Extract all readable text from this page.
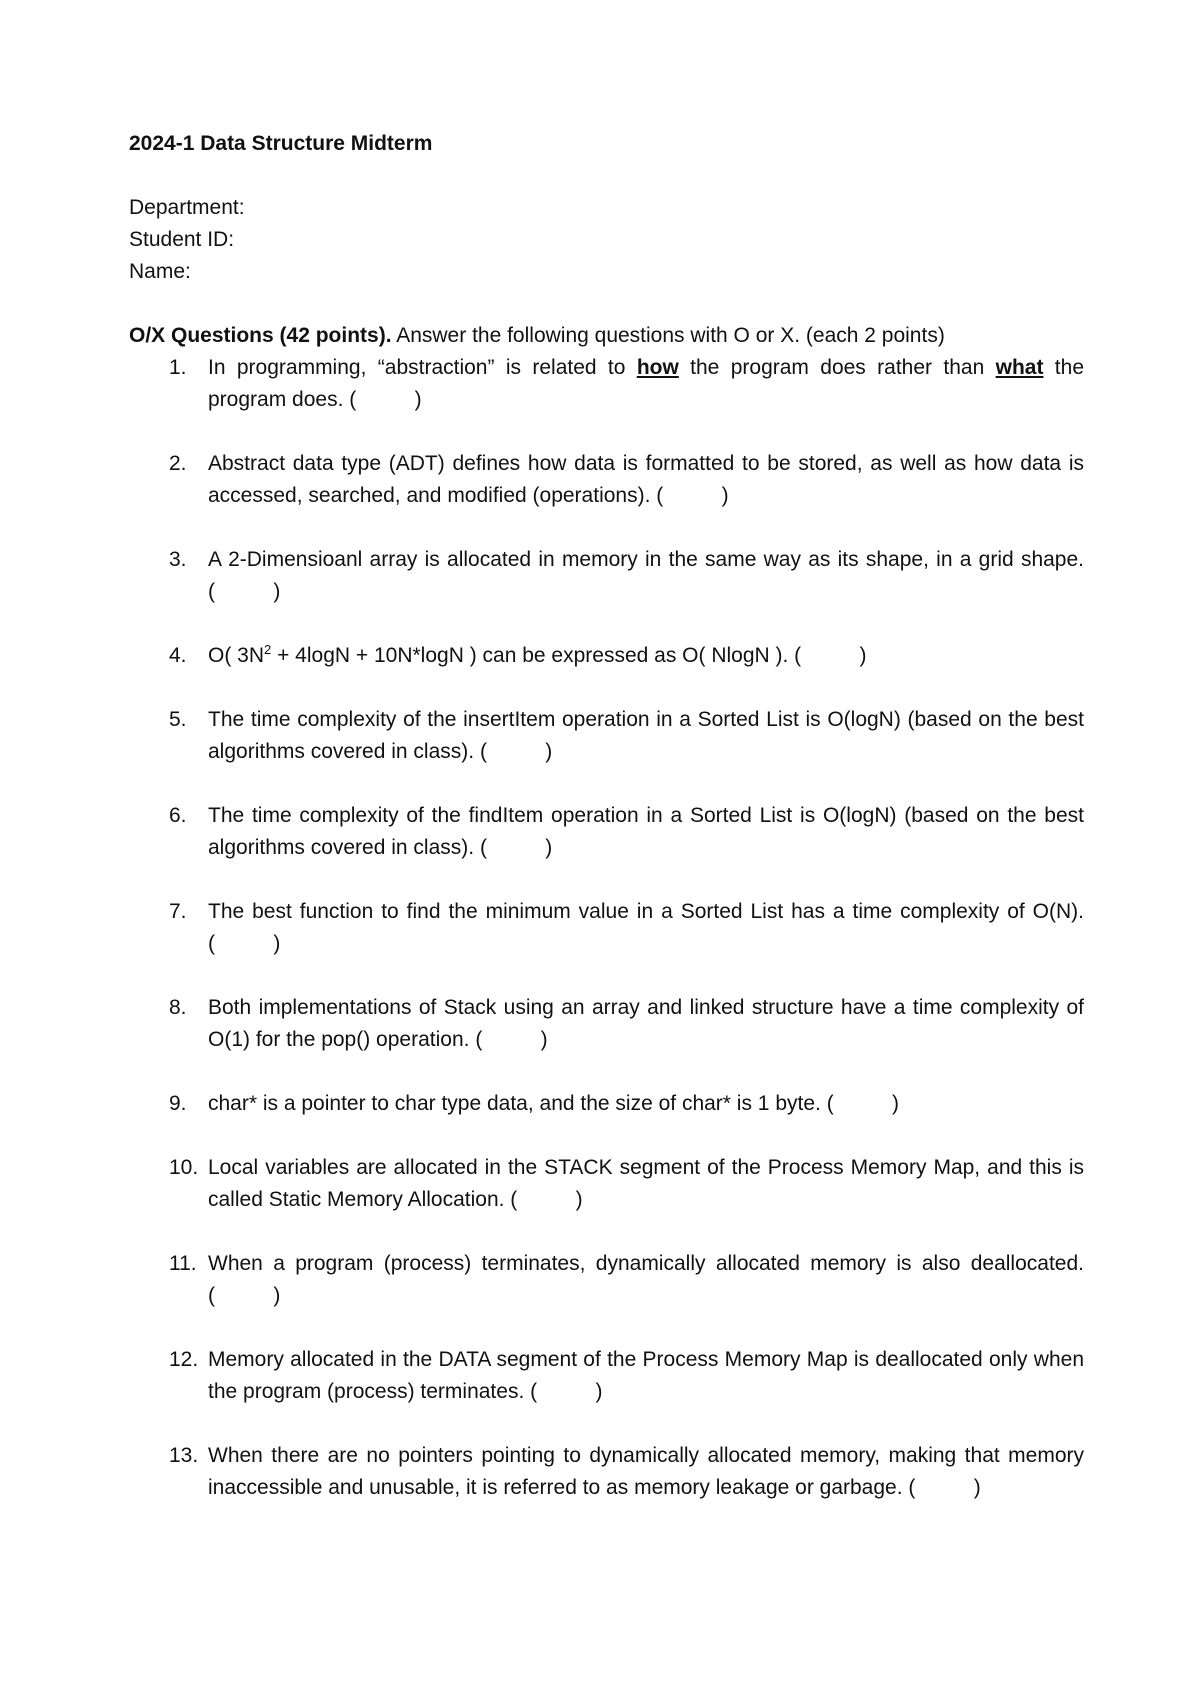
2024-1 Data Structure Midterm

Department:
Student ID:
Name:
O/X Questions (42 points). Answer the following questions with O or X. (each 2 points)
1.	In programming, “abstraction” is related to how the program does rather than what the program does. (          )
2.	Abstract data type (ADT) defines how data is formatted to be stored, as well as how data is accessed, searched, and modified (operations). (          )
3.	A 2-Dimensioanl array is allocated in memory in the same way as its shape, in a grid shape. (          )
4.	O( $3N^2 + 4\log N + 10N*\log N$ ) can be expressed as O( NlogN ). (          )
5.	The time complexity of the insertItem operation in a Sorted List is O(logN) (based on the best algorithms covered in class). (          )
6.	The time complexity of the findItem operation in a Sorted List is O(logN) (based on the best algorithms covered in class). (          )
7.	The best function to find the minimum value in a Sorted List has a time complexity of O(N). (          )
8.	Both implementations of Stack using an array and linked structure have a time complexity of O(1) for the pop() operation. (          )
9.	char* is a pointer to char type data, and the size of char* is 1 byte. (          )
10. Local variables are allocated in the STACK segment of the Process Memory Map, and this is called Static Memory Allocation. (          )
11. When a program (process) terminates, dynamically allocated memory is also deallocated. (          )
12. Memory allocated in the DATA segment of the Process Memory Map is deallocated only when the program (process) terminates. (          )
13. When there are no pointers pointing to dynamically allocated memory, making that memory inaccessible and unusable, it is referred to as memory leakage or garbage. (          )
